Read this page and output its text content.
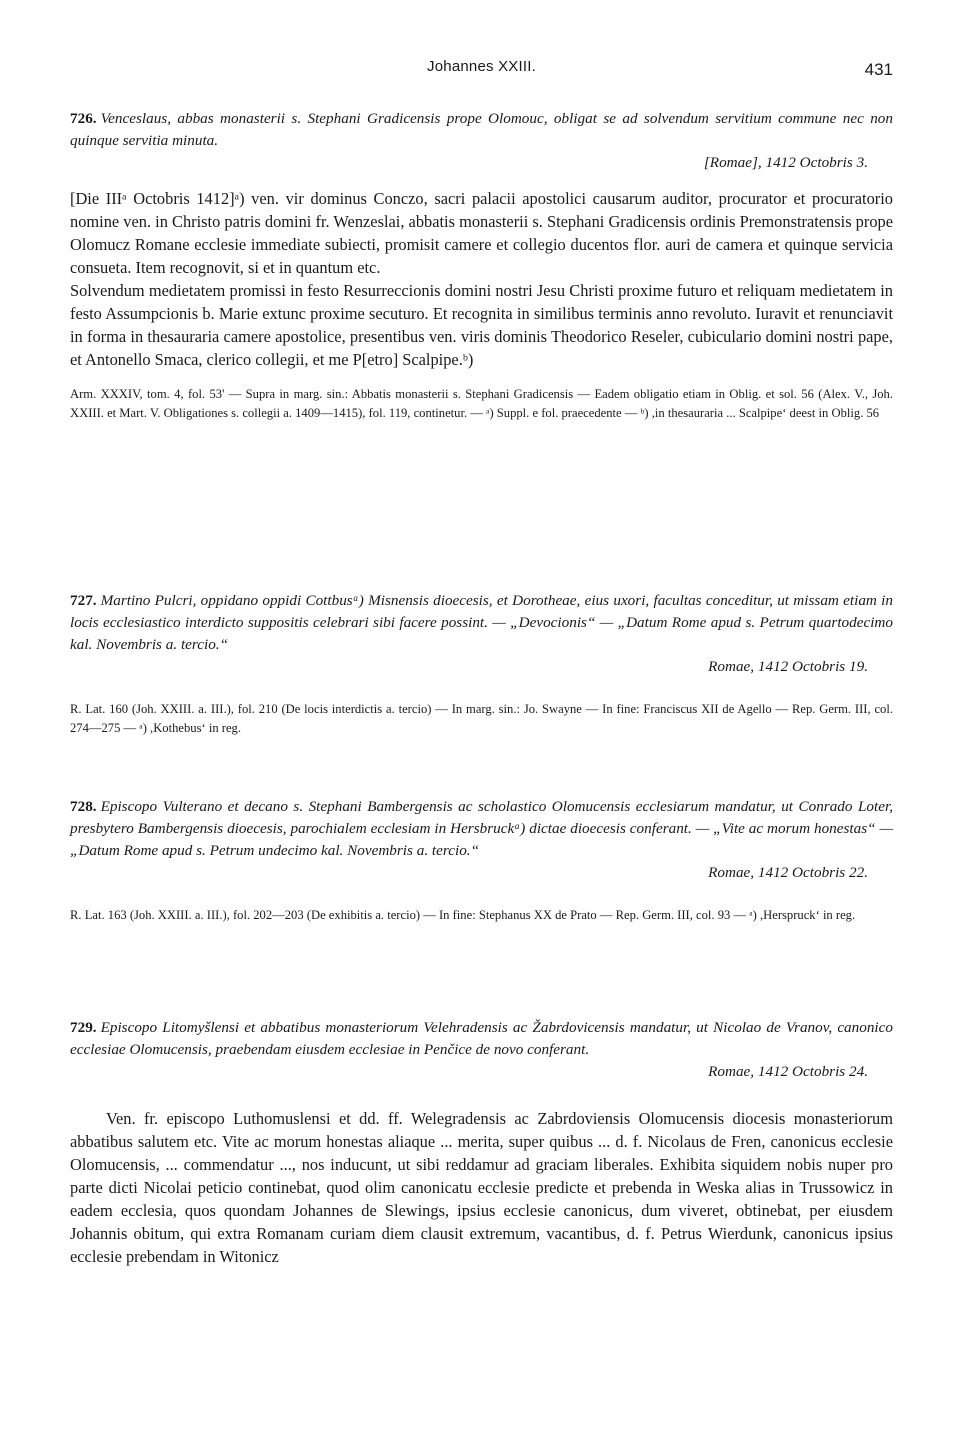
Johannes XXIII.	431
726. Venceslaus, abbas monasterii s. Stephani Gradicensis prope Olomouc, obligat se ad solvendum servitium commune nec non quinque servitia minuta.
[Romae], 1412 Octobris 3.

[Die IIIᵃ Octobris 1412]ᵃ) ven. vir dominus Conczo, sacri palacii apostolici causarum auditor, procurator et procuratorio nomine ven. in Christo patris domini fr. Wenzeslai, abbatis monasterii s. Stephani Gradicensis ordinis Premonstratensis prope Olomucz Romane ecclesie immediate subiecti, promisit camere et collegio ducentos flor. auri de camera et quinque servicia consueta. Item recognovit, si et in quantum etc.

Solvendum medietatem promissi in festo Resurreccionis domini nostri Jesu Christi proxime futuro et reliquam medietatem in festo Assumpcionis b. Marie extunc proxime secuturo. Et recognita in similibus terminis anno revoluto. Iuravit et renunciavit in forma in thesauraria camere apostolice, presentibus ven. viris dominis Theodorico Reseler, cubiculario domini nostri pape, et Antonello Smaca, clerico collegii, et me P[etro] Scalpipe.ᵇ)

Arm. XXXIV, tom. 4, fol. 53' — Supra in marg. sin.: Abbatis monasterii s. Stephani Gradicensis — Eadem obligatio etiam in Oblig. et sol. 56 (Alex. V., Joh. XXIII. et Mart. V. Obligationes s. collegii a. 1409—1415), fol. 119, continetur. — ᵃ) Suppl. e fol. praecedente — ᵇ) ,in thesauraria ... Scalpipe‘ deest in Oblig. 56

727. Martino Pulcri, oppidano oppidi Cottbusᵃ) Misnensis dioecesis, et Dorotheae, eius uxori, facultas conceditur, ut missam etiam in locis ecclesiastico interdicto suppositis celebrari sibi facere possint. — „Devocionis“ — „Datum Rome apud s. Petrum quartodecimo kal. Novembris a. tercio.“
Romae, 1412 Octobris 19.

R. Lat. 160 (Joh. XXIII. a. III.), fol. 210 (De locis interdictis a. tercio) — In marg. sin.: Jo. Swayne — In fine: Franciscus XII de Agello — Rep. Germ. III, col. 274—275 — ᵃ) ,Kothebus‘ in reg.

728. Episcopo Vulterano et decano s. Stephani Bambergensis ac scholastico Olomucensis ecclesiarum mandatur, ut Conrado Loter, presbytero Bambergensis dioecesis, parochialem ecclesiam in Hersbruckᵃ) dictae dioecesis conferant. — „Vite ac morum honestas“ — „Datum Rome apud s. Petrum undecimo kal. Novembris a. tercio.“
Romae, 1412 Octobris 22.

R. Lat. 163 (Joh. XXIII. a. III.), fol. 202—203 (De exhibitis a. tercio) — In fine: Stephanus XX de Prato — Rep. Germ. III, col. 93 — ᵃ) ,Herspruck‘ in reg.

729. Episcopo Litomyšlensi et abbatibus monasteriorum Velehradensis ac Žabrdovicensis mandatur, ut Nicolao de Vranov, canonico ecclesiae Olomucensis, praebendam eiusdem ecclesiae in Penčice de novo conferant.
Romae, 1412 Octobris 24.

Ven. fr. episcopo Luthomuslensi et dd. ff. Welegradensis ac Zabrdoviensis Olomucensis diocesis monasteriorum abbatibus salutem etc. Vite ac morum honestas aliaque ... merita, super quibus ... d. f. Nicolaus de Fren, canonicus ecclesie Olomucensis, ... commendatur ..., nos inducunt, ut sibi reddamur ad graciam liberales. Exhibita siquidem nobis nuper pro parte dicti Nicolai peticio continebat, quod olim canonicatu ecclesie predicte et prebenda in Weska alias in Trussowicz in eadem ecclesia, quos quondam Johannes de Slewings, ipsius ecclesie canonicus, dum viveret, obtinebat, per eiusdem Johannis obitum, qui extra Romanam curiam diem clausit extremum, vacantibus, d. f. Petrus Wierdunk, canonicus ipsius ecclesie prebendam in Witonicz
